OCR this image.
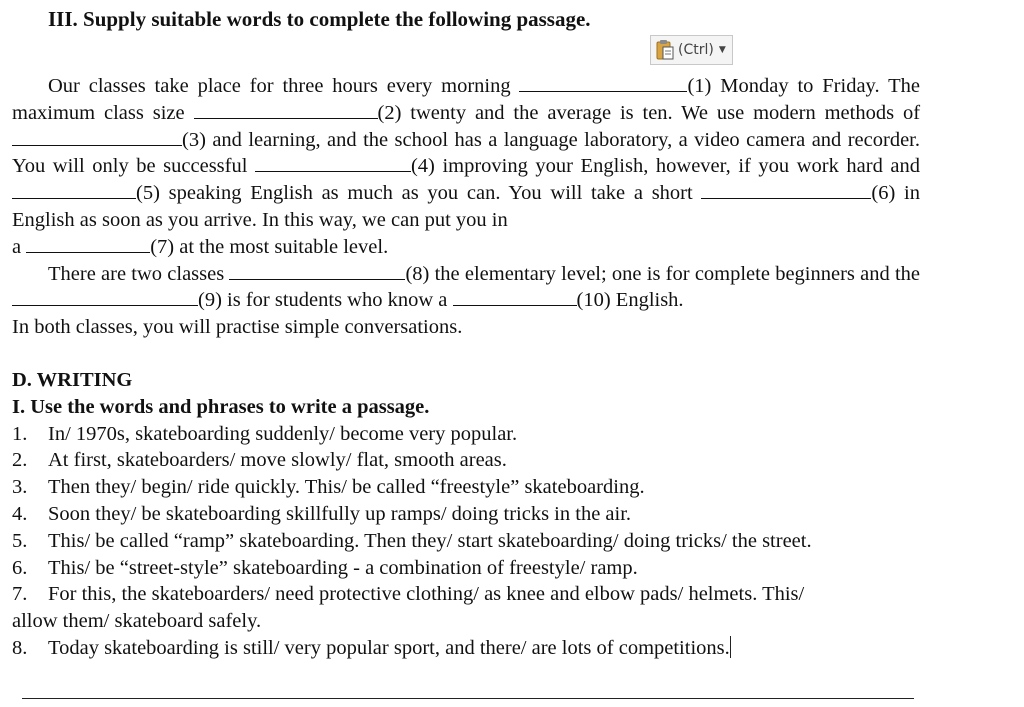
III. Supply suitable words to complete the following passage.

(Ctrl) ▼

Our classes take place for three hours every morning	(1) Monday to Friday. The maximum class size	(2) twenty and the average is ten. We use modern methods of (3) and learning, and the school has a language laboratory, a video camera and recorder. You will only be successful	(4) improving your English, however, if you work hard and (5) speaking English as much as you can. You will take a short	(6) in English as soon as you arrive. In this way, we can put you in

a	(7) at the most suitable level.

There are two classes	(8) the elementary level; one is for complete beginners and the (9) is for students who know a	(10) English.

In both classes, you will practise simple conversations.

D. WRITING

I. Use the words and phrases to write a passage.

1. In/ 1970s, skateboarding suddenly/ become very popular.
2. At first, skateboarders/ move slowly/ flat, smooth areas.
3. Then they/ begin/ ride quickly. This/ be called “freestyle” skateboarding.
4. Soon they/ be skateboarding skillfully up ramps/ doing tricks in the air.
5. This/ be called “ramp” skateboarding. Then they/ start skateboarding/ doing tricks/ the street.
6. This/ be “street-style” skateboarding - a combination of freestyle/ ramp.
7. For this, the skateboarders/ need protective clothing/ as knee and elbow pads/ helmets. This/
allow them/ skateboard safely.
8. Today skateboarding is still/ very popular sport, and there/ are lots of competitions.
